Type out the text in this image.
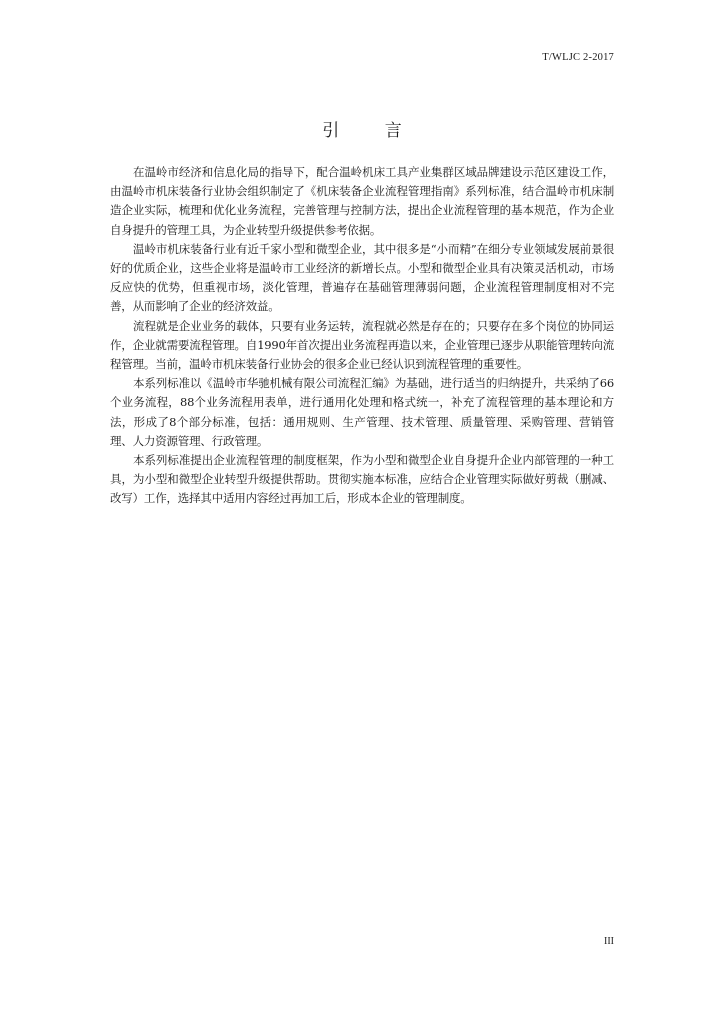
T/WLJC 2-2017
引 言

在温岭市经济和信息化局的指导下，配合温岭机床工具产业集群区域品牌建设示范区建设工作，由温岭市机床装备行业协会组织制定了《机床装备企业流程管理指南》系列标准，结合温岭市机床制造企业实际，梳理和优化业务流程，完善管理与控制方法，提出企业流程管理的基本规范，作为企业自身提升的管理工具，为企业转型升级提供参考依据。

温岭市机床装备行业有近千家小型和微型企业，其中很多是“小而精”在细分专业领域发展前景很好的优质企业，这些企业将是温岭市工业经济的新增长点。小型和微型企业具有决策灵活机动，市场反应快的优势，但重视市场，淡化管理，普遍存在基础管理薄弱问题，企业流程管理制度相对不完善，从而影响了企业的经济效益。

流程就是企业业务的载体，只要有业务运转，流程就必然是存在的；只要存在多个岗位的协同运作，企业就需要流程管理。自1990年首次提出业务流程再造以来，企业管理已逐步从职能管理转向流程管理。当前，温岭市机床装备行业协会的很多企业已经认识到流程管理的重要性。

本系列标准以《温岭市华驰机械有限公司流程汇编》为基础，进行适当的归纳提升，共采纳了66个业务流程，88个业务流程用表单，进行通用化处理和格式统一，补充了流程管理的基本理论和方法，形成了8个部分标准，包括：通用规则、生产管理、技术管理、质量管理、采购管理、营销管理、人力资源管理、行政管理。

本系列标准提出企业流程管理的制度框架，作为小型和微型企业自身提升企业内部管理的一种工具，为小型和微型企业转型升级提供帮助。贯彻实施本标准，应结合企业管理实际做好剪裁（删减、改写）工作，选择其中适用内容经过再加工后，形成本企业的管理制度。

III
